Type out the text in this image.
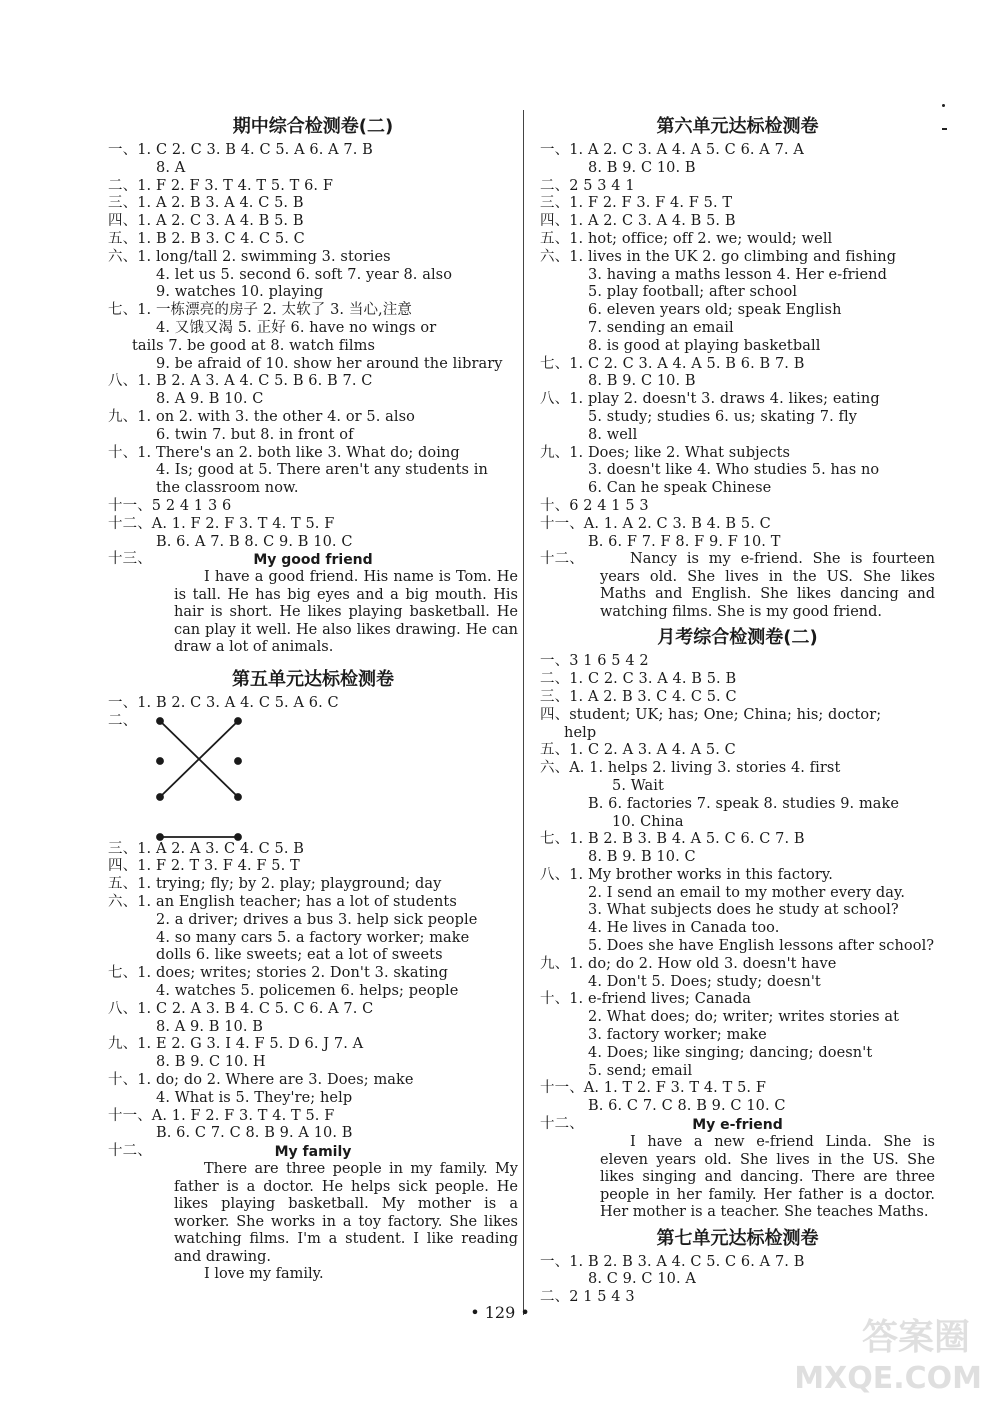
期中综合检测卷(二)
一、1. C 2. C 3. B 4. C 5. A 6. A 7. B
8. A
二、1. F 2. F 3. T 4. T 5. T 6. F
三、1. A 2. B 3. A 4. C 5. B
四、1. A 2. C 3. A 4. B 5. B
五、1. B 2. B 3. C 4. C 5. C
六、1. long/tall 2. swimming 3. stories
4. let us 5. second 6. soft 7. year 8. also
9. watches 10. playing
七、1. 一栋漂亮的房子 2. 太软了 3. 当心,注意
4. 又饿又渴 5. 正好 6. have no wings or
tails 7. be good at 8. watch films
9. be afraid of 10. show her around the library
八、1. B 2. A 3. A 4. C 5. B 6. B 7. C
8. A 9. B 10. C
九、1. on 2. with 3. the other 4. or 5. also
6. twin 7. but 8. in front of
十、1. There's an 2. both like 3. What do; doing
4. Is; good at 5. There aren't any students in
the classroom now.
十一、5 2 4 1 3 6
十二、A. 1. F 2. F 3. T 4. T 5. F
B. 6. A 7. B 8. C 9. B 10. C
十三、	My good friend

I have a good friend. His name is Tom. He is tall. He has big eyes and a big mouth. His hair is short. He likes playing basketball. He can play it well. He also likes drawing. He can draw a lot of animals.

第五单元达标检测卷
一、1. B 2. C 3. A 4. C 5. A 6. C
二、
三、1. A 2. A 3. C 4. C 5. B
四、1. F 2. T 3. F 4. F 5. T
五、1. trying; fly; by 2. play; playground; day
六、1. an English teacher; has a lot of students
2. a driver; drives a bus 3. help sick people
4. so many cars 5. a factory worker; make
dolls 6. like sweets; eat a lot of sweets
七、1. does; writes; stories 2. Don't 3. skating
4. watches 5. policemen 6. helps; people
八、1. C 2. A 3. B 4. C 5. C 6. A 7. C
8. A 9. B 10. B
九、1. E 2. G 3. I 4. F 5. D 6. J 7. A
8. B 9. C 10. H
十、1. do; do 2. Where are 3. Does; make
4. What is 5. They're; help
十一、A. 1. F 2. F 3. T 4. T 5. F
B. 6. C 7. C 8. B 9. A 10. B
十二、	My family

There are three people in my family. My father is a doctor. He helps sick people. He likes playing basketball. My mother is a worker. She works in a toy factory. She likes watching films. I'm a student. I like reading and drawing.

I love my family.

第六单元达标检测卷
一、1. A 2. C 3. A 4. A 5. C 6. A 7. A
8. B 9. C 10. B
二、2 5 3 4 1
三、1. F 2. F 3. F 4. F 5. T
四、1. A 2. C 3. A 4. B 5. B
五、1. hot; office; off 2. we; would; well
六、1. lives in the UK 2. go climbing and fishing
3. having a maths lesson 4. Her e-friend
5. play football; after school
6. eleven years old; speak English
7. sending an email
8. is good at playing basketball
七、1. C 2. C 3. A 4. A 5. B 6. B 7. B
8. B 9. C 10. B
八、1. play 2. doesn't 3. draws 4. likes; eating
5. study; studies 6. us; skating 7. fly
8. well
九、1. Does; like 2. What subjects
3. doesn't like 4. Who studies 5. has no
6. Can he speak Chinese
十、6 2 4 1 5 3
十一、A. 1. A 2. C 3. B 4. B 5. C
B. 6. F 7. F 8. F 9. F 10. T
十二、	Nancy is my e-friend. She is fourteen years old. She lives in the US. She likes Maths and English. She likes dancing and watching films. She is my good friend.

月考综合检测卷(二)
一、3 1 6 5 4 2
二、1. C 2. C 3. A 4. B 5. B
三、1. A 2. B 3. C 4. C 5. C
四、student; UK; has; One; China; his; doctor;
help
五、1. C 2. A 3. A 4. A 5. C
六、A. 1. helps 2. living 3. stories 4. first
5. Wait
B. 6. factories 7. speak 8. studies 9. make
10. China
七、1. B 2. B 3. B 4. A 5. C 6. C 7. B
8. B 9. B 10. C
八、1. My brother works in this factory.
2. I send an email to my mother every day.
3. What subjects does he study at school?
4. He lives in Canada too.
5. Does she have English lessons after school?
九、1. do; do 2. How old 3. doesn't have
4. Don't 5. Does; study; doesn't
十、1. e-friend lives; Canada
2. What does; do; writer; writes stories at
3. factory worker; make
4. Does; like singing; dancing; doesn't
5. send; email
十一、A. 1. T 2. F 3. T 4. T 5. F
B. 6. C 7. C 8. B 9. C 10. C
十二、	My e-friend

I have a new e-friend Linda. She is eleven years old. She lives in the US. She likes singing and dancing. There are three people in her family. Her father is a doctor. Her mother is a teacher. She teaches Maths.

第七单元达标检测卷
一、1. B 2. B 3. A 4. C 5. C 6. A 7. B
8. C 9. C 10. A
二、2 1 5 4 3
• 129 •
答案圈
MXQE.COM
